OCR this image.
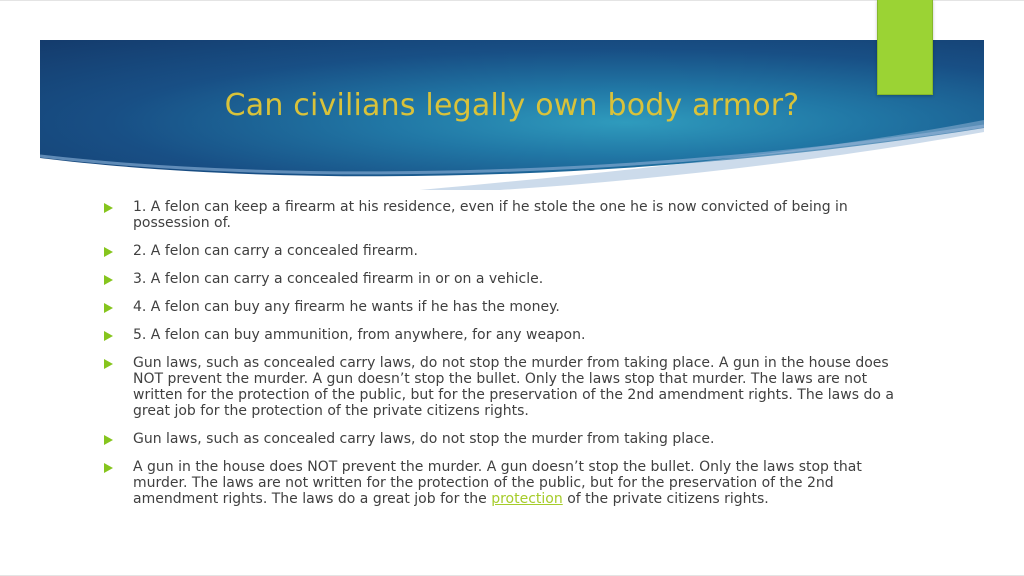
Can civilians legally own body armor?
1. A felon can keep a firearm at his residence, even if he stole the one he is now convicted of being in possession of.
2. A felon can carry a concealed firearm.
3. A felon can carry a concealed firearm in or on a vehicle.
4. A felon can buy any firearm he wants if he has the money.
5. A felon can buy ammunition, from anywhere, for any weapon.
Gun laws, such as concealed carry laws, do not stop the murder from taking place. A gun in the house does NOT prevent the murder. A gun doesn’t stop the bullet. Only the laws stop that murder. The laws are not written for the protection of the public, but for the preservation of the 2nd amendment rights. The laws do a great job for the protection of the private citizens rights.
Gun laws, such as concealed carry laws, do not stop the murder from taking place.
A gun in the house does NOT prevent the murder. A gun doesn’t stop the bullet. Only the laws stop that murder. The laws are not written for the protection of the public, but for the preservation of the 2nd amendment rights. The laws do a great job for the protection of the private citizens rights.
